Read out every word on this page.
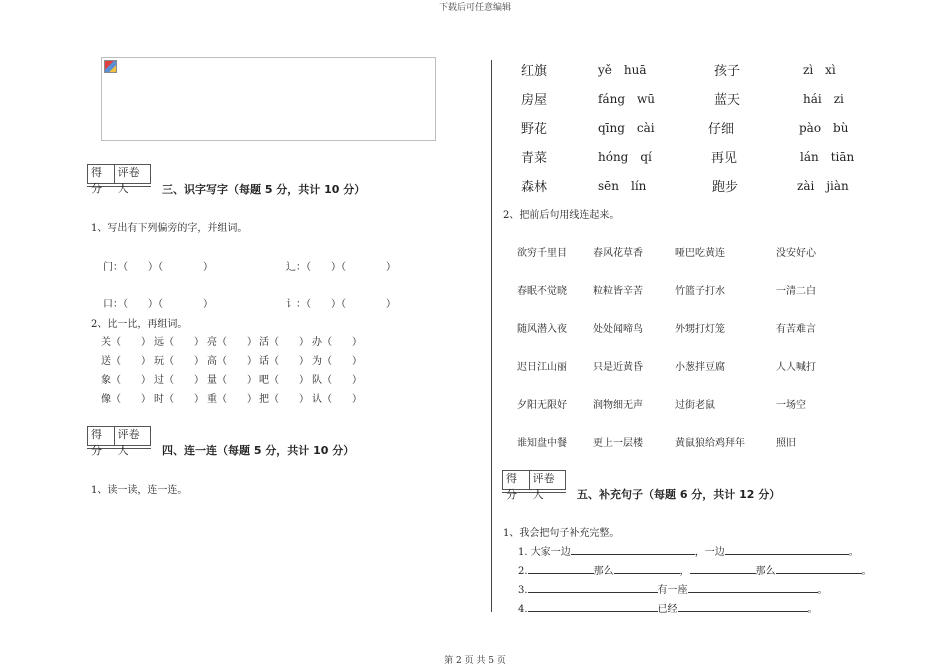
下载后可任意编辑
第 2 页 共 5 页
得分
评卷人	三、识字写字（每题 5 分，共计 10 分）
1、写出有下列偏旁的字，并组词。
门：（　　）（　　　　）	辶：（　　）（　　　　）
口：（　　）（　　　　）	讠：（　　）（　　　　）
2、比一比，再组词。
关（　　） 远（　　） 亮（　　） 活（　　） 办（　　）
送（　　） 玩（　　） 高（　　） 话（　　） 为（　　）
象（　　） 过（　　） 量（　　） 吧（　　） 队（　　）
像（　　） 时（　　） 重（　　） 把（　　） 认（　　）
得分
评卷人	四、连一连（每题 5 分，共计 10 分）
1、读一读，连一连。
红旗	yě　huā	孩子	zì　xì
房屋	fáng　wū	蓝天	hái　zi
野花	qīng　cài	仔细	pào　bù
青菜	hóng　qí	再见	lán　tiān
森林	sēn　lín	跑步	zài　jiàn
2、把前后句用线连起来。
欲穷千里目	春风花草香	哑巴吃黄连	没安好心
春眠不觉晓	粒粒皆辛苦	竹篮子打水	一清二白
随风潜入夜	处处闻啼鸟	外甥打灯笼	有苦难言
迟日江山丽	只是近黄昏	小葱拌豆腐	人人喊打
夕阳无限好	润物细无声	过街老鼠	一场空
谁知盘中餐	更上一层楼	黄鼠狼给鸡拜年	照旧
得分
评卷人	五、补充句子（每题 6 分，共计 12 分）
1、我会把句子补充完整。
1. 大家一边	，一边	。
2.	那么	，	那么	。
3.	有一座	。
4.	已经	。
